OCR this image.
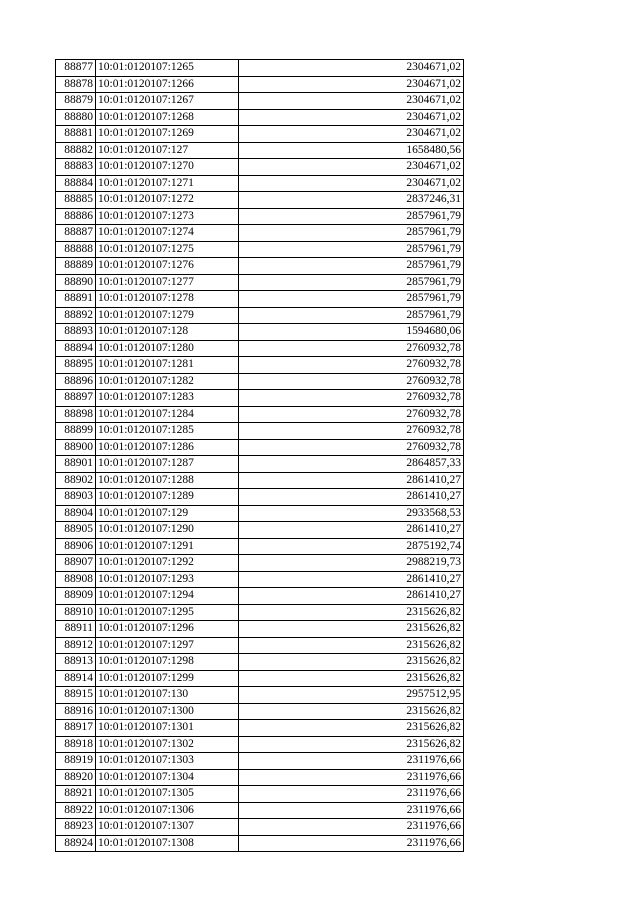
88877	10:01:0120107:1265	2304671,02
88878	10:01:0120107:1266	2304671,02
88879	10:01:0120107:1267	2304671,02
88880	10:01:0120107:1268	2304671,02
88881	10:01:0120107:1269	2304671,02
88882	10:01:0120107:127	1658480,56
88883	10:01:0120107:1270	2304671,02
88884	10:01:0120107:1271	2304671,02
88885	10:01:0120107:1272	2837246,31
88886	10:01:0120107:1273	2857961,79
88887	10:01:0120107:1274	2857961,79
88888	10:01:0120107:1275	2857961,79
88889	10:01:0120107:1276	2857961,79
88890	10:01:0120107:1277	2857961,79
88891	10:01:0120107:1278	2857961,79
88892	10:01:0120107:1279	2857961,79
88893	10:01:0120107:128	1594680,06
88894	10:01:0120107:1280	2760932,78
88895	10:01:0120107:1281	2760932,78
88896	10:01:0120107:1282	2760932,78
88897	10:01:0120107:1283	2760932,78
88898	10:01:0120107:1284	2760932,78
88899	10:01:0120107:1285	2760932,78
88900	10:01:0120107:1286	2760932,78
88901	10:01:0120107:1287	2864857,33
88902	10:01:0120107:1288	2861410,27
88903	10:01:0120107:1289	2861410,27
88904	10:01:0120107:129	2933568,53
88905	10:01:0120107:1290	2861410,27
88906	10:01:0120107:1291	2875192,74
88907	10:01:0120107:1292	2988219,73
88908	10:01:0120107:1293	2861410,27
88909	10:01:0120107:1294	2861410,27
88910	10:01:0120107:1295	2315626,82
88911	10:01:0120107:1296	2315626,82
88912	10:01:0120107:1297	2315626,82
88913	10:01:0120107:1298	2315626,82
88914	10:01:0120107:1299	2315626,82
88915	10:01:0120107:130	2957512,95
88916	10:01:0120107:1300	2315626,82
88917	10:01:0120107:1301	2315626,82
88918	10:01:0120107:1302	2315626,82
88919	10:01:0120107:1303	2311976,66
88920	10:01:0120107:1304	2311976,66
88921	10:01:0120107:1305	2311976,66
88922	10:01:0120107:1306	2311976,66
88923	10:01:0120107:1307	2311976,66
88924	10:01:0120107:1308	2311976,66
